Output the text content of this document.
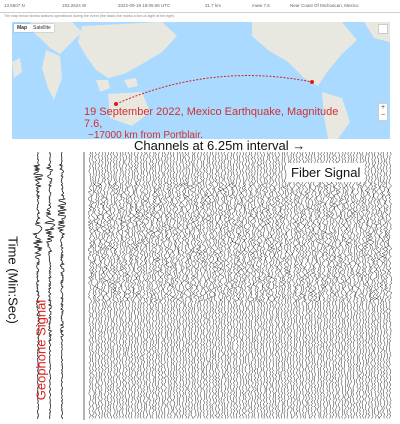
13.5607 N	183.2624 W	2022-09-19 18:05:06 UTC	31.7 km	mww 7.6	Near Coast Of Michoacan, Mexico
The map below shows stations operational during the event (the black line marks a line-of-sight at the right)
Map	Satellite
+
−
19 September 2022, Mexico Earthquake, Magnitude 7.6,
~17000 km from Portblair.
Channels at 6.25m interval →
Time (Min:Sec)
Geophone Signal
Fiber Signal
